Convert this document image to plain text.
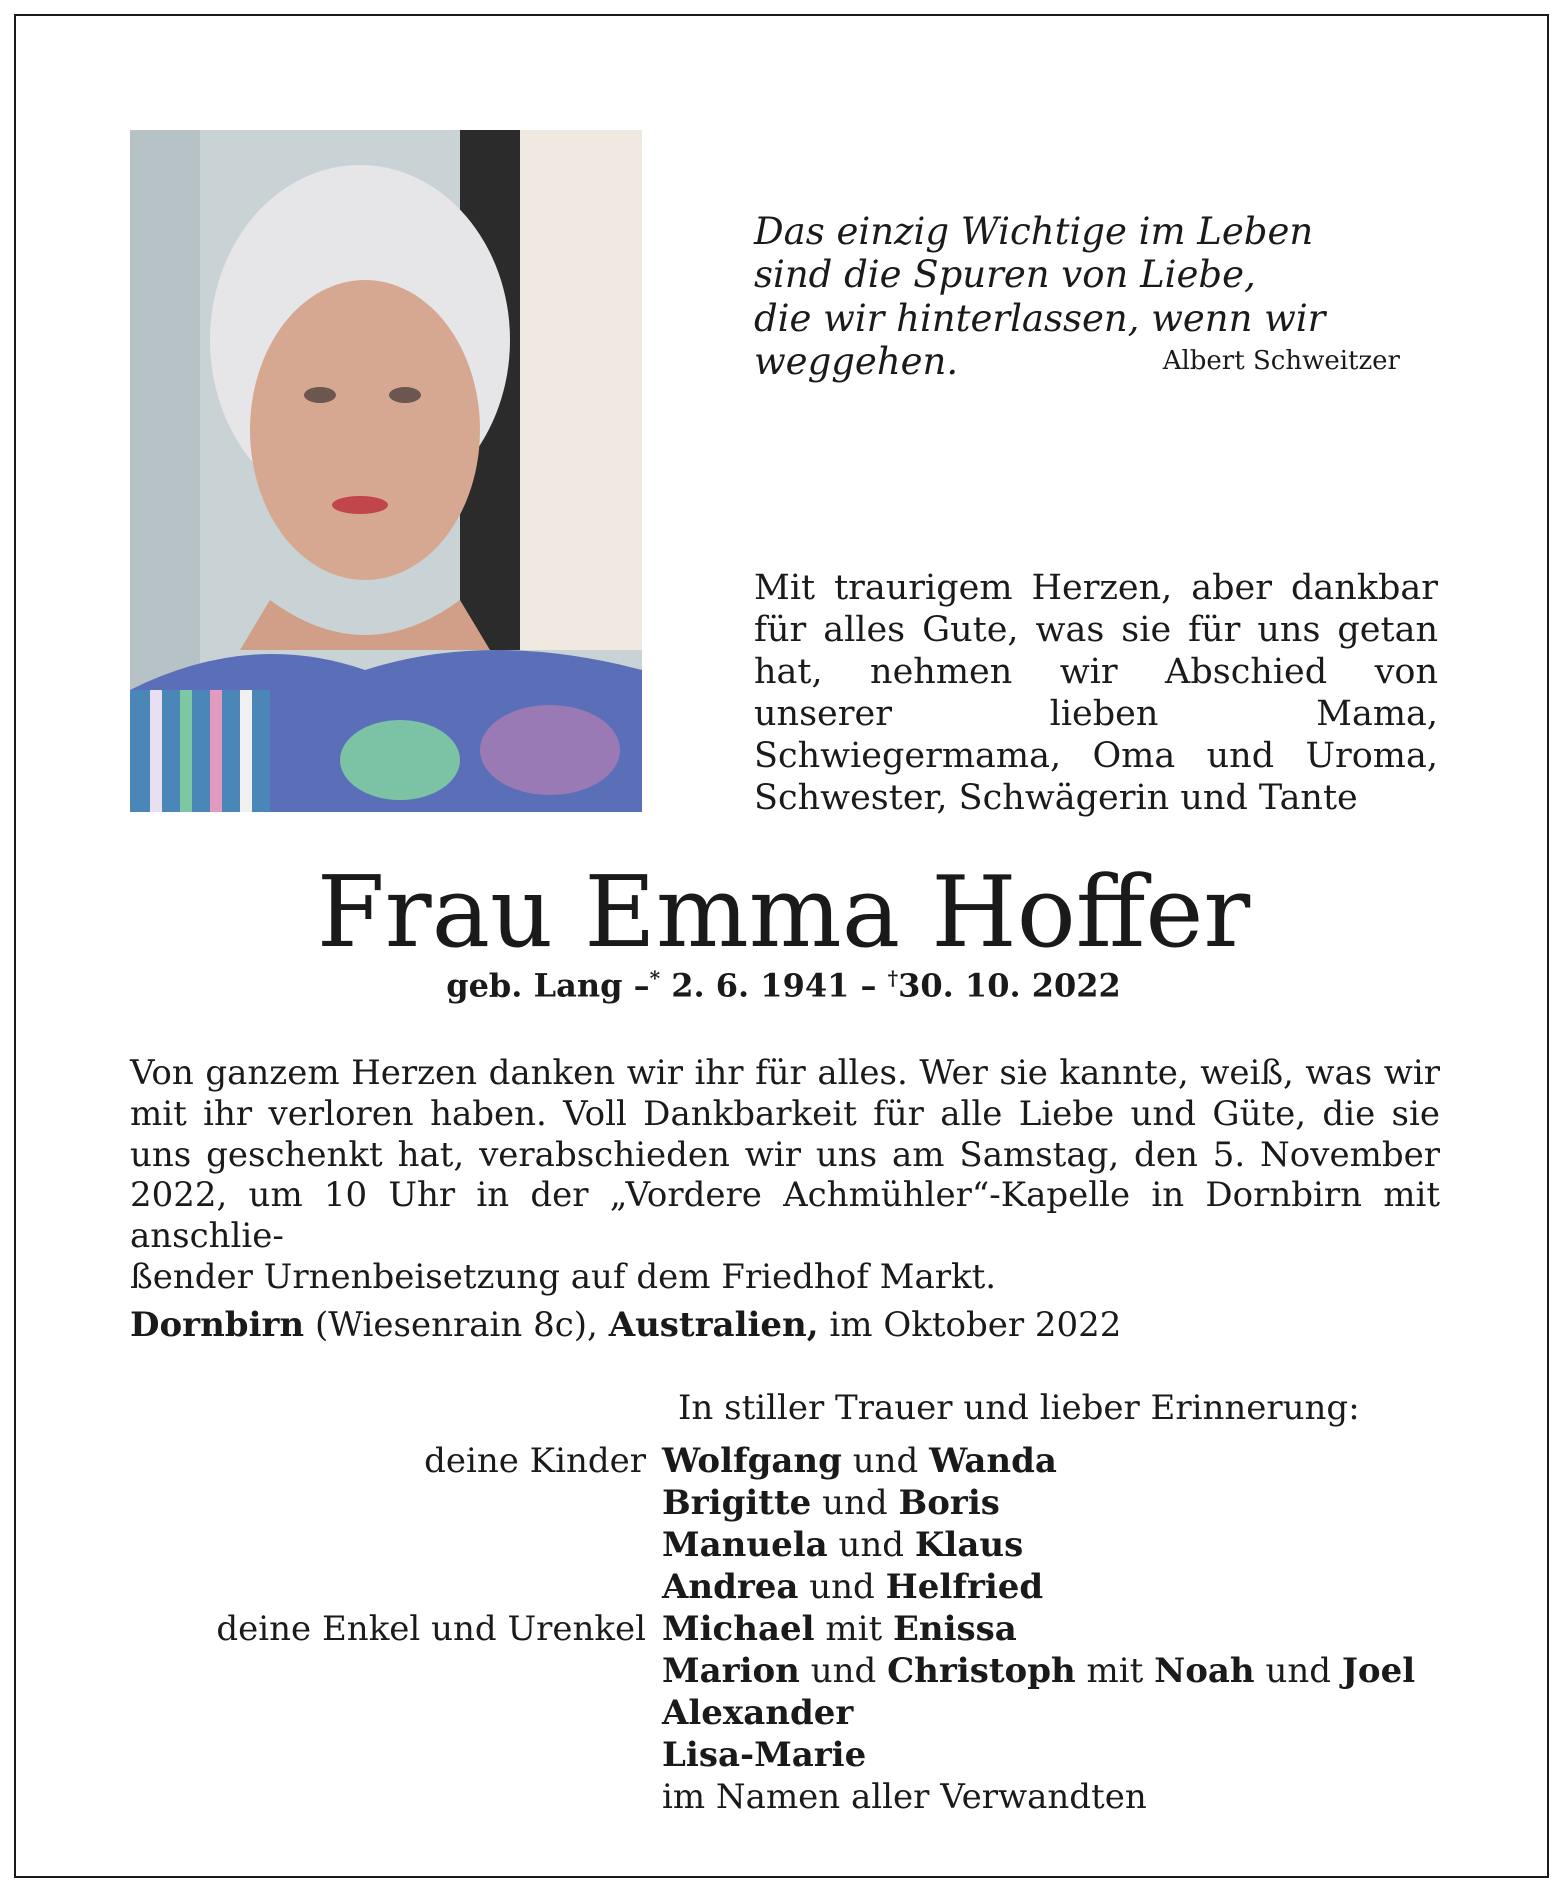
Das einzig Wichtige im Leben
sind die Spuren von Liebe,
die wir hinterlassen, wenn wir weggehen.	Albert Schweitzer
Mit traurigem Herzen, aber dankbar für alles Gute, was sie für uns getan hat, nehmen wir Abschied von unserer lieben Mama, Schwiegermama, Oma und Uroma, Schwester, Schwägerin und Tante
Frau Emma Hoffer
geb. Lang –* 2. 6. 1941 – †30. 10. 2022
Von ganzem Herzen danken wir ihr für alles. Wer sie kannte, weiß, was wir mit ihr verloren haben. Voll Dankbarkeit für alle Liebe und Güte, die sie uns geschenkt hat, verabschieden wir uns am Samstag, den 5. November 2022, um 10 Uhr in der „Vordere Achmühler“-Kapelle in Dornbirn mit anschlie-
ßender Urnenbeisetzung auf dem Friedhof Markt.
Dornbirn (Wiesenrain 8c), Australien, im Oktober 2022
In stiller Trauer und lieber Erinnerung:
deine Kinder Wolfgang und Wanda
Brigitte und Boris
Manuela und Klaus
Andrea und Helfried
deine Enkel und Urenkel Michael mit Enissa
Marion und Christoph mit Noah und Joel
Alexander
Lisa-Marie
im Namen aller Verwandten
